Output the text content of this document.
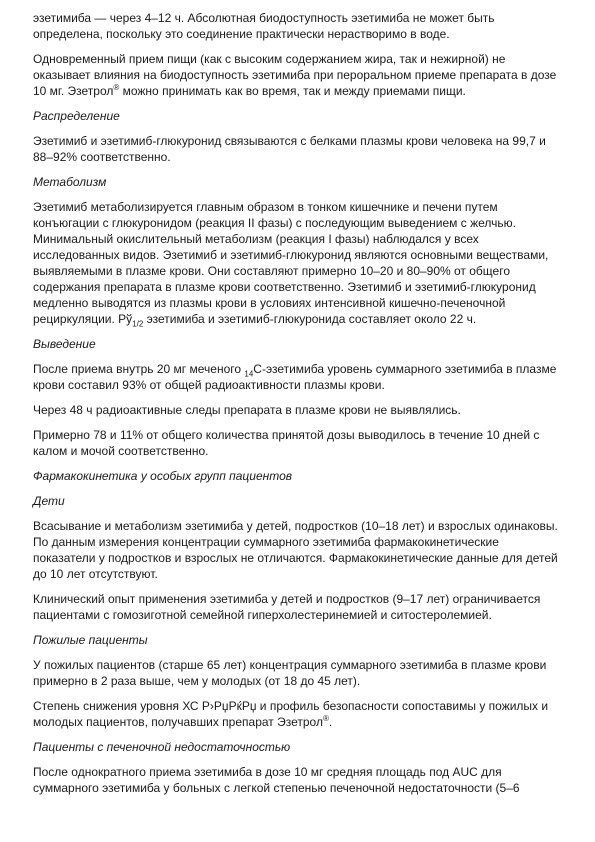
эзетимиба — через 4–12 ч. Абсолютная биодоступность эзетимиба не может быть определена, поскольку это соединение практически нерастворимо в воде.

Одновременный прием пищи (как с высоким содержанием жира, так и нежирной) не оказывает влияния на биодоступность эзетимиба при пероральном приеме препарата в дозе 10 мг. Эзетрол® можно принимать как во время, так и между приемами пищи.

Распределение

Эзетимиб и эзетимиб-глюкуронид связываются с белками плазмы крови человека на 99,7 и 88–92% соответственно.

Метаболизм

Эзетимиб метаболизируется главным образом в тонком кишечнике и печени путем конъюгации с глюкуронидом (реакция II фазы) с последующим выведением с желчью. Минимальный окислительный метаболизм (реакция I фазы) наблюдался у всех исследованных видов. Эзетимиб и эзетимиб-глюкуронид являются основными веществами, выявляемыми в плазме крови. Они составляют примерно 10–20 и 80–90% от общего содержания препарата в плазме крови соответственно. Эзетимиб и эзетимиб-глюкуронид медленно выводятся из плазмы крови в условиях интенсивной кишечно-печеночной рециркуляции. $Рў_{1/2}$ эзетимиба и эзетимиб-глюкуронида составляет около 22 ч.

Выведение

После приема внутрь 20 мг меченого $_{14}$С-эзетимиба уровень суммарного эзетимиба в плазме крови составил 93% от общей радиоактивности плазмы крови.

Через 48 ч радиоактивные следы препарата в плазме крови не выявлялись.

Примерно 78 и 11% от общего количества принятой дозы выводилось в течение 10 дней с калом и мочой соответственно.

Фармакокинетика у особых групп пациентов

Дети

Всасывание и метаболизм эзетимиба у детей, подростков (10–18 лет) и взрослых одинаковы. По данным измерения концентрации суммарного эзетимиба фармакокинетические показатели у подростков и взрослых не отличаются. Фармакокинетические данные для детей до 10 лет отсутствуют.

Клинический опыт применения эзетимиба у детей и подростков (9–17 лет) ограничивается пациентами с гомозиготной семейной гиперхолестеринемией и ситостеролемией.

Пожилые пациенты

У пожилых пациентов (старше 65 лет) концентрация суммарного эзетимиба в плазме крови примерно в 2 раза выше, чем у молодых (от 18 до 45 лет).

Степень снижения уровня ХС Р›РџРќРџ и профиль безопасности сопоставимы у пожилых и молодых пациентов, получавших препарат Эзетрол®.

Пациенты с печеночной недостаточностью

После однократного приема эзетимиба в дозе 10 мг средняя площадь под AUC для суммарного эзетимиба у больных с легкой степенью печеночной недостаточности (5–6
